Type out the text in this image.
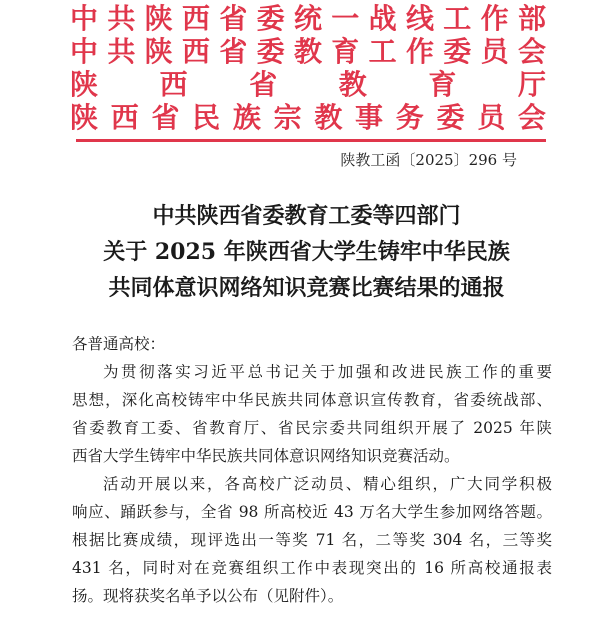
中 共 陕 西 省 委 统 一 战 线 工 作 部
中 共 陕 西 省 委 教 育 工 作 委 员 会
陕 西 省 教 育 厅
陕 西 省 民 族 宗 教 事 务 委 员 会
陕教工函〔2025〕296 号
中共陕西省委教育工委等四部门
关于 2025 年陕西省大学生铸牢中华民族
共同体意识网络知识竞赛比赛结果的通报
各普通高校：
为贯彻落实习近平总书记关于加强和改进民族工作的重要
思想，深化高校铸牢中华民族共同体意识宣传教育，省委统战部、
省委教育工委、省教育厅、省民宗委共同组织开展了 2025 年陕
西省大学生铸牢中华民族共同体意识网络知识竞赛活动。
活动开展以来，各高校广泛动员、精心组织，广大同学积极
响应、踊跃参与，全省 98 所高校近 43 万名大学生参加网络答题。
根据比赛成绩，现评选出一等奖 71 名，二等奖 304 名，三等奖
431 名，同时对在竞赛组织工作中表现突出的 16 所高校通报表
扬。现将获奖名单予以公布（见附件）。
